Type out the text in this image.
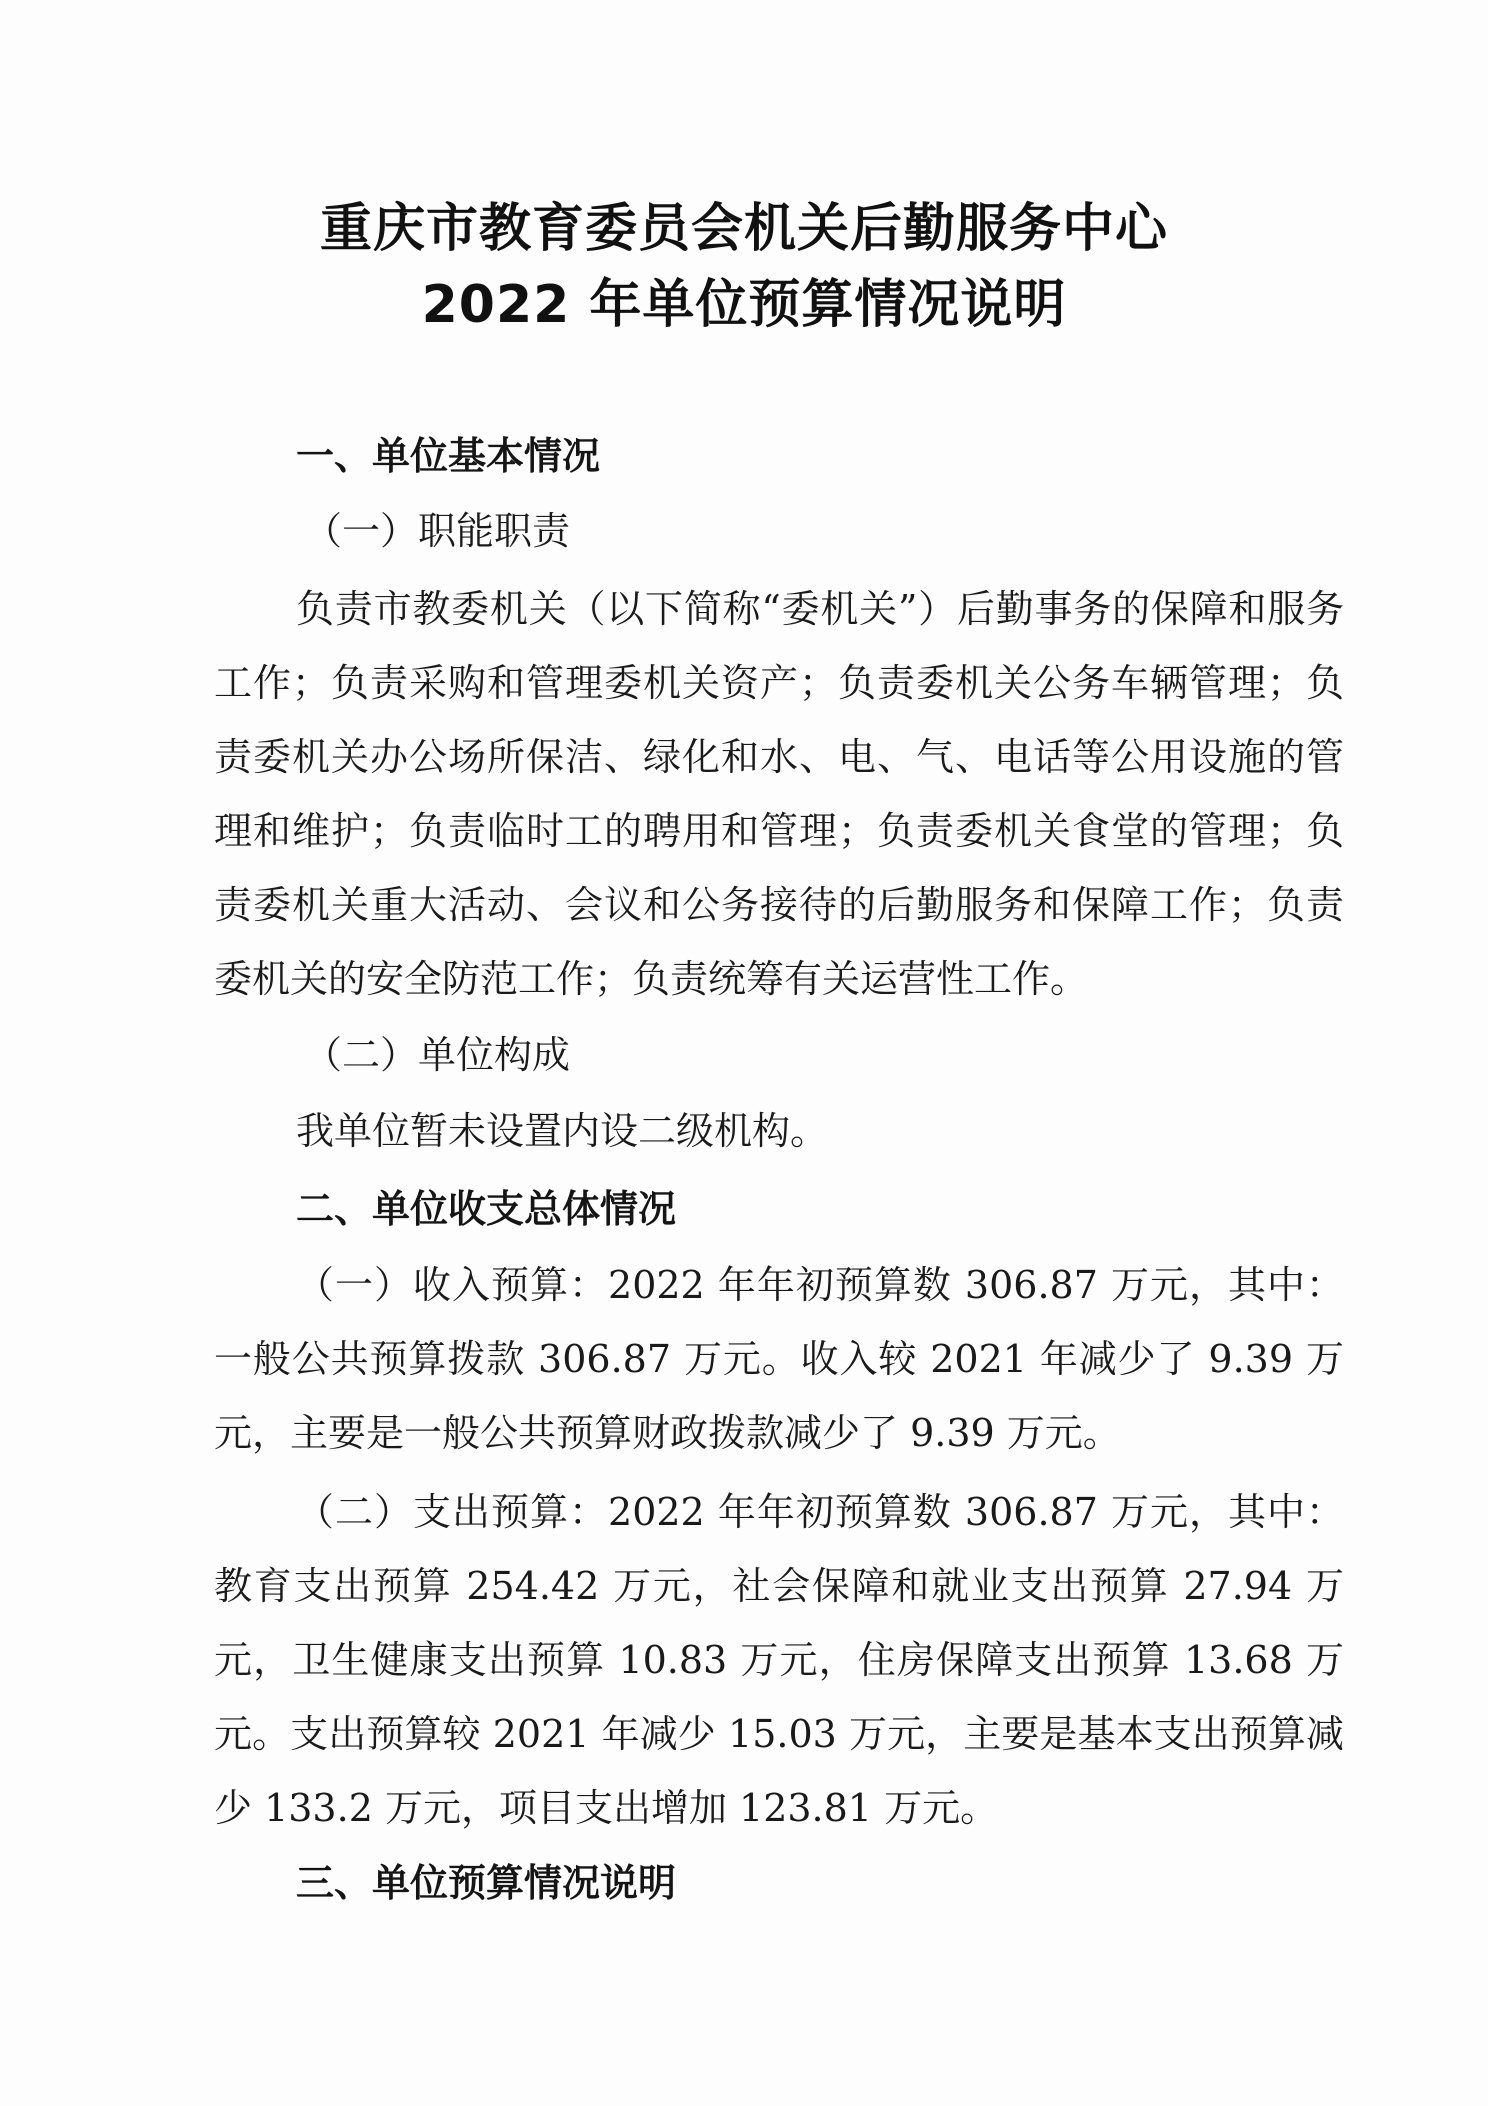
重庆市教育委员会机关后勤服务中心
2022 年单位预算情况说明
一、单位基本情况
（一）职能职责
负责市教委机关（以下简称“委机关”）后勤事务的保障和服务工作；负责采购和管理委机关资产；负责委机关公务车辆管理；负责委机关办公场所保洁、绿化和水、电、气、电话等公用设施的管理和维护；负责临时工的聘用和管理；负责委机关食堂的管理；负责委机关重大活动、会议和公务接待的后勤服务和保障工作；负责委机关的安全防范工作；负责统筹有关运营性工作。
（二）单位构成
我单位暂未设置内设二级机构。
二、单位收支总体情况
（一）收入预算：2022 年年初预算数 306.87 万元，其中：一般公共预算拨款 306.87 万元。收入较 2021 年减少了 9.39 万元，主要是一般公共预算财政拨款减少了 9.39 万元。
（二）支出预算：2022 年年初预算数 306.87 万元，其中：教育支出预算 254.42 万元，社会保障和就业支出预算 27.94 万元，卫生健康支出预算 10.83 万元，住房保障支出预算 13.68 万元。支出预算较 2021 年减少 15.03 万元，主要是基本支出预算减少 133.2 万元，项目支出增加 123.81 万元。
三、单位预算情况说明
